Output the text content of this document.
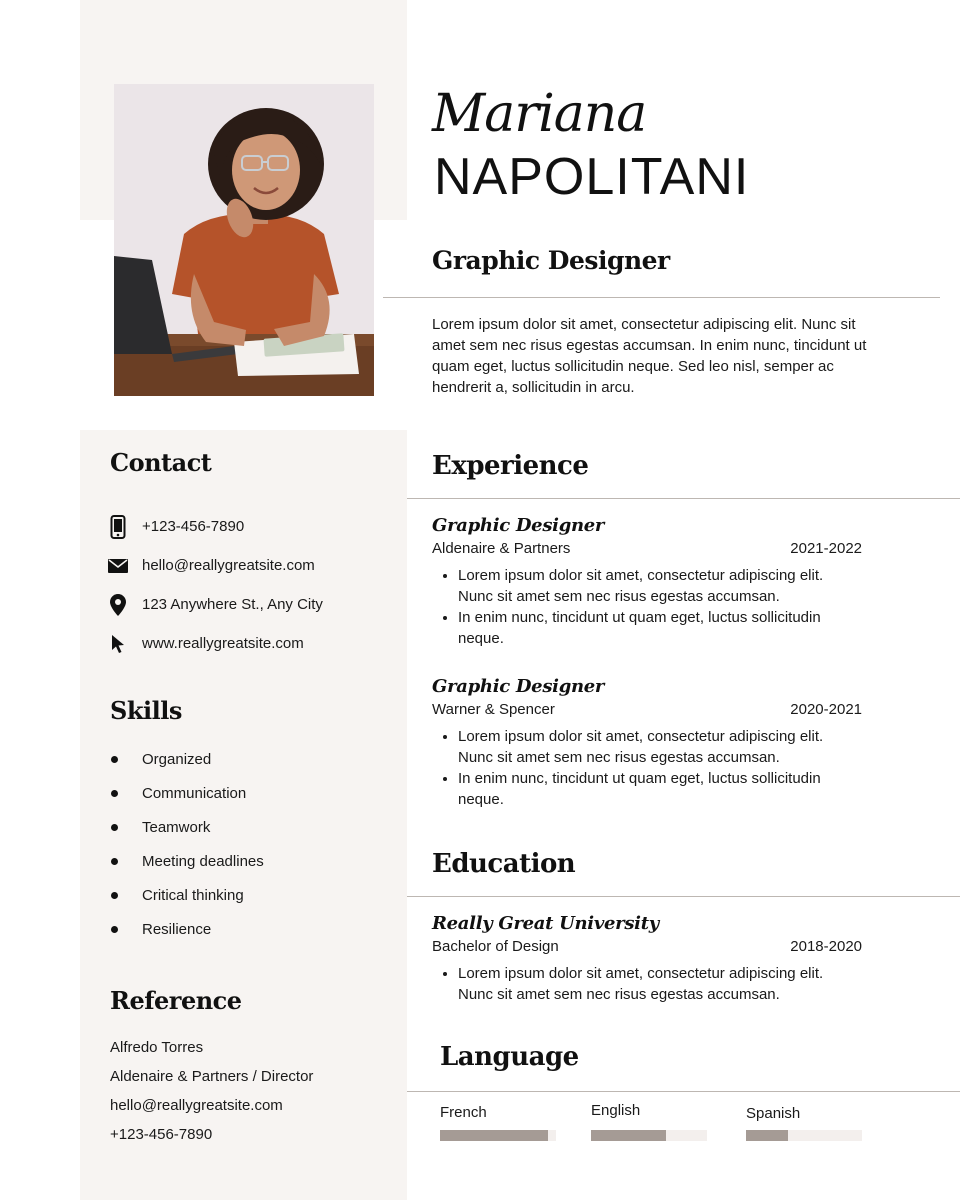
Mariana
NAPOLITANI
Graphic Designer

Lorem ipsum dolor sit amet, consectetur adipiscing elit. Nunc sit amet sem nec risus egestas accumsan. In enim nunc, tincidunt ut quam eget, luctus sollicitudin neque. Sed leo nisl, semper ac hendrerit a, sollicitudin in arcu.

Contact
+123-456-7890
hello@reallygreatsite.com
123 Anywhere St., Any City
www.reallygreatsite.com
Skills
Organized
Communication
Teamwork
Meeting deadlines
Critical thinking
Resilience
Reference
Alfredo Torres
Aldenaire & Partners / Director
hello@reallygreatsite.com
+123-456-7890
Experience
Graphic Designer
Aldenaire & Partners	2021-2022
• Lorem ipsum dolor sit amet, consectetur adipiscing elit. Nunc sit amet sem nec risus egestas accumsan.
• In enim nunc, tincidunt ut quam eget, luctus sollicitudin neque.
Graphic Designer
Warner & Spencer	2020-2021
• Lorem ipsum dolor sit amet, consectetur adipiscing elit. Nunc sit amet sem nec risus egestas accumsan.
• In enim nunc, tincidunt ut quam eget, luctus sollicitudin neque.
Education
Really Great University
Bachelor of Design	2018-2020
• Lorem ipsum dolor sit amet, consectetur adipiscing elit. Nunc sit amet sem nec risus egestas accumsan.
Language
French	English	Spanish
